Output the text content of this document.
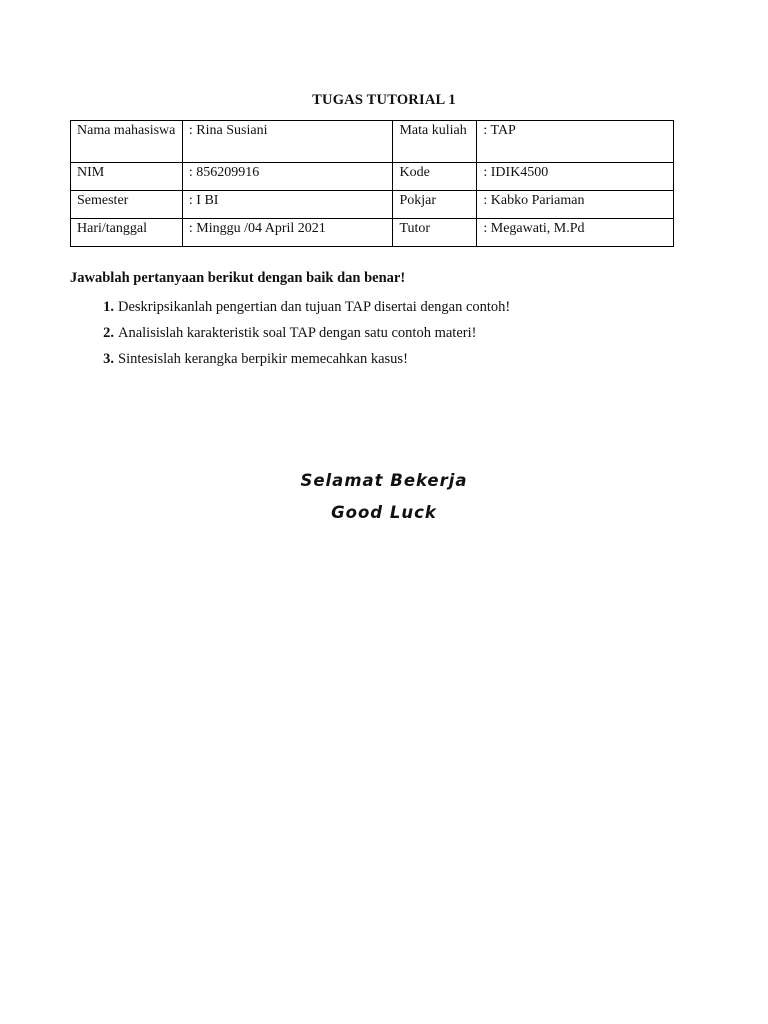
TUGAS TUTORIAL 1
Nama mahasiswa	: Rina Susiani	Mata kuliah	: TAP
NIM	: 856209916	Kode	: IDIK4500
Semester	: I BI	Pokjar	: Kabko Pariaman
Hari/tanggal	: Minggu /04 April 2021	Tutor	: Megawati, M.Pd
Jawablah pertanyaan berikut dengan baik dan benar!
1. Deskripsikanlah pengertian dan tujuan TAP disertai dengan contoh!
2. Analisislah karakteristik soal TAP dengan satu contoh materi!
3. Sintesislah kerangka berpikir memecahkan kasus!
Selamat Bekerja
Good Luck
